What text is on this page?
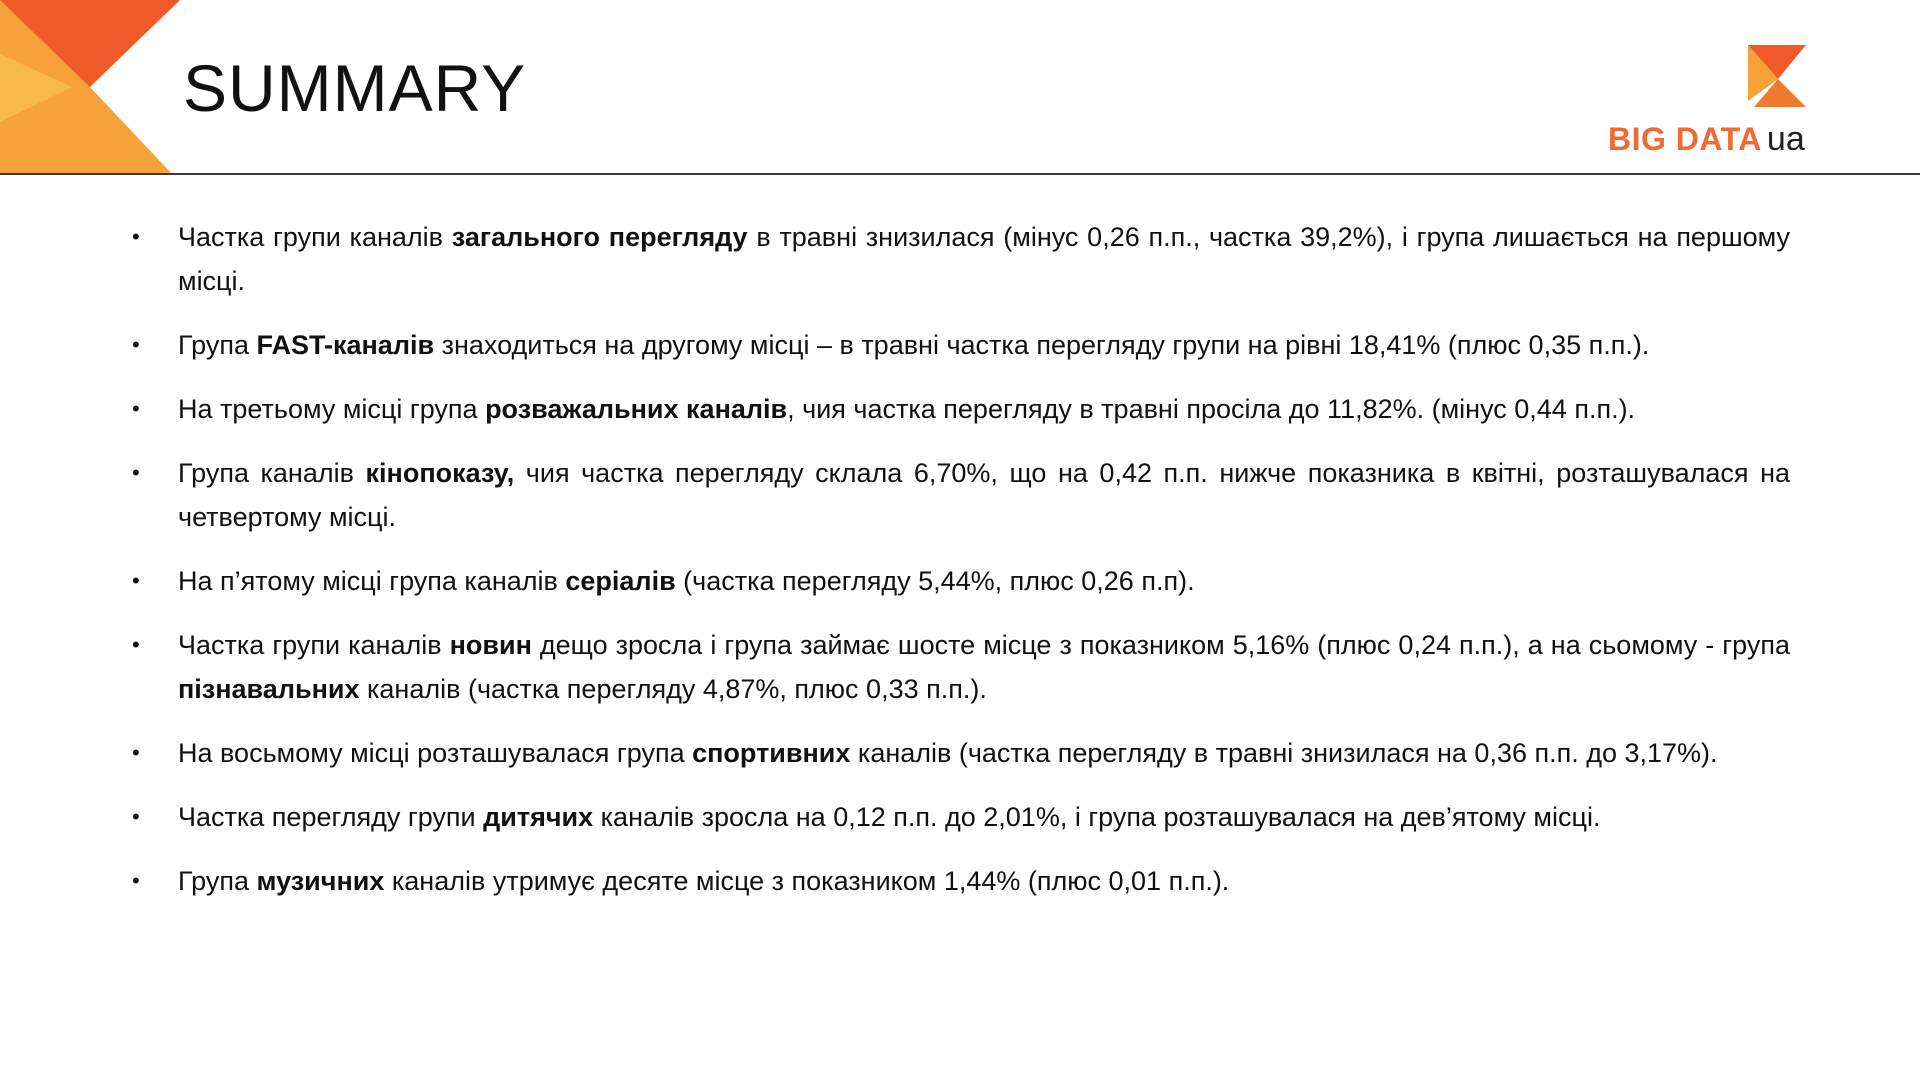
SUMMARY
BIG DATA ua
• Частка групи каналів загального перегляду в травні знизилася (мінус 0,26 п.п., частка 39,2%), і група лишається на першому місці.
• Група FAST-каналів знаходиться на другому місці – в травні частка перегляду групи на рівні 18,41% (плюс 0,35 п.п.).
• На третьому місці група розважальних каналів, чия частка перегляду в травні просіла до 11,82%. (мінус 0,44 п.п.).
• Група каналів кінопоказу, чия частка перегляду склала 6,70%, що на 0,42 п.п. нижче показника в квітні, розташувалася на четвертому місці.
• На п’ятому місці група каналів серіалів (частка перегляду 5,44%, плюс 0,26 п.п).
• Частка групи каналів новин дещо зросла і група займає шосте місце з показником 5,16% (плюс 0,24 п.п.), а на сьомому - група пізнавальних каналів (частка перегляду 4,87%, плюс 0,33 п.п.).
• На восьмому місці розташувалася група спортивних каналів (частка перегляду в травні знизилася на 0,36 п.п. до 3,17%).
• Частка перегляду групи дитячих каналів зросла на 0,12 п.п. до 2,01%, і група розташувалася на дев’ятому місці.
• Група музичних каналів утримує десяте місце з показником 1,44% (плюс 0,01 п.п.).
